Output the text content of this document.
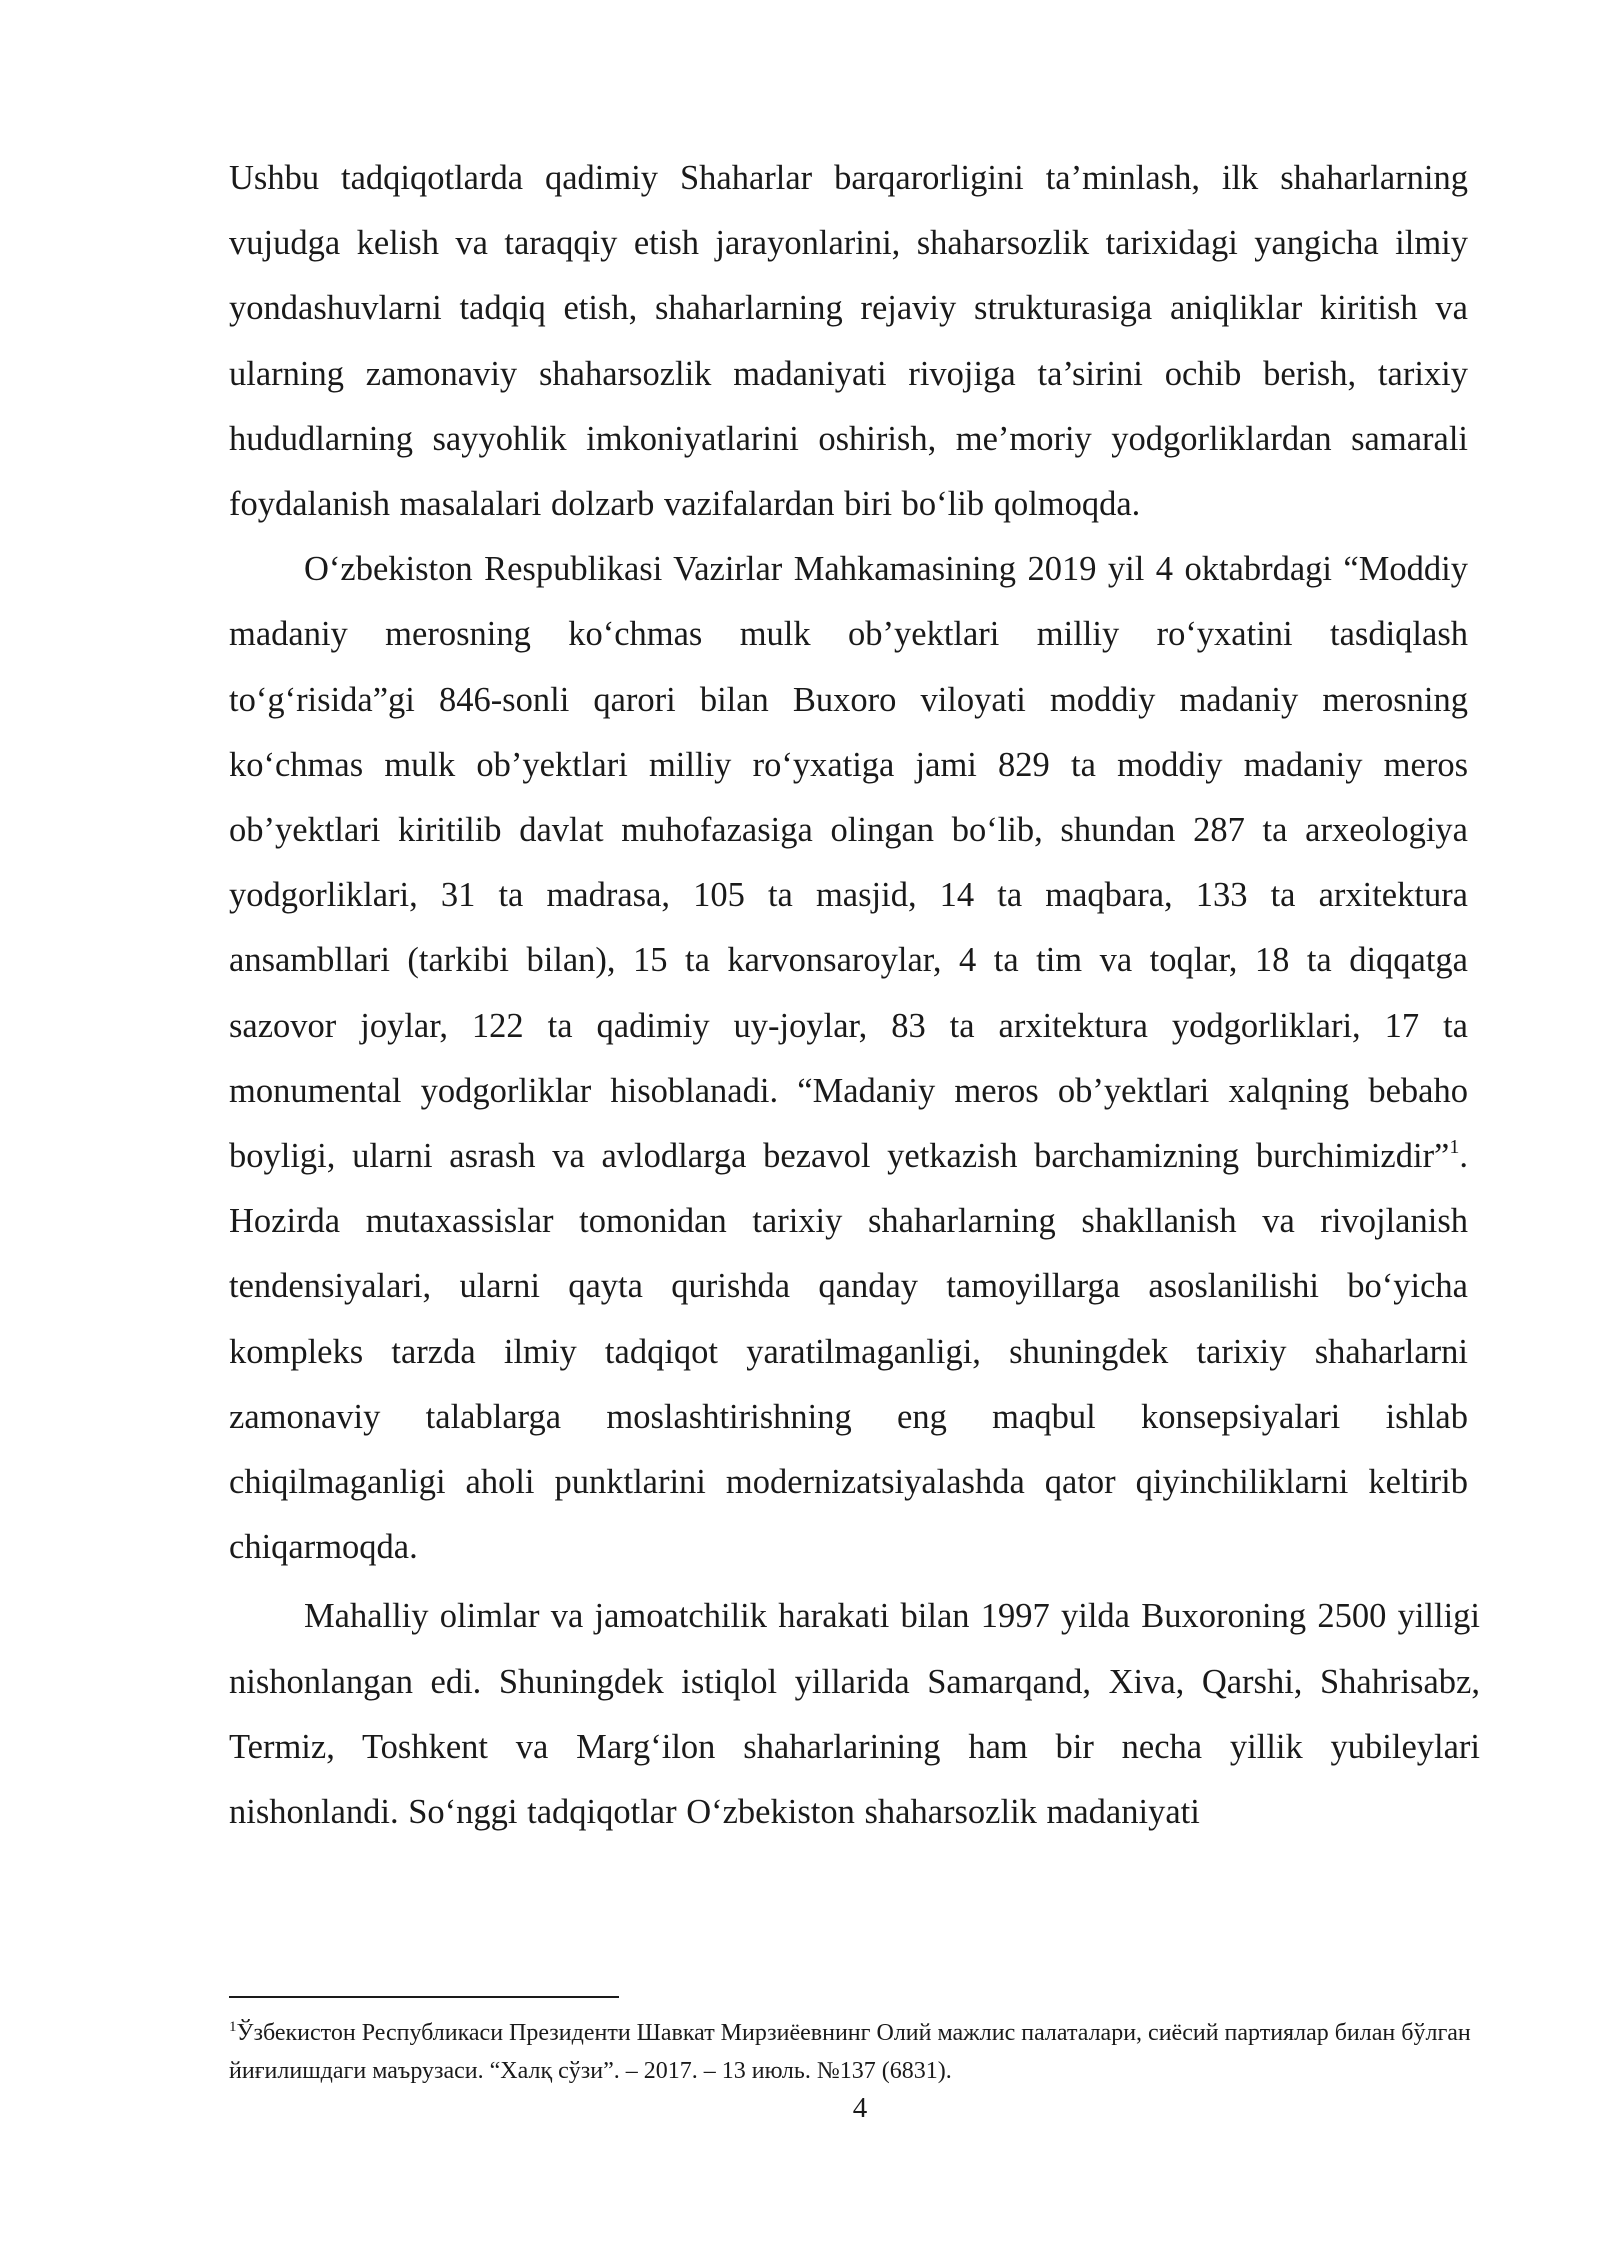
Ushbu tadqiqotlarda qadimiy Shaharlar barqarorligini ta’minlash, ilk shaharlarning vujudga kelish va taraqqiy etish jarayonlarini, shaharsozlik tarixidagi yangicha ilmiy yondashuvlarni tadqiq etish, shaharlarning rejaviy strukturasiga aniqliklar kiritish va ularning zamonaviy shaharsozlik madaniyati rivojiga ta’sirini ochib berish, tarixiy hududlarning sayyohlik imkoniyatlarini oshirish, me’moriy yodgorliklardan samarali foydalanish masalalari dolzarb vazifalardan biri bo‘lib qolmoqda.

O‘zbekiston Respublikasi Vazirlar Mahkamasining 2019 yil 4 oktabrdagi “Moddiy madaniy merosning ko‘chmas mulk ob’yektlari milliy ro‘yxatini tasdiqlash to‘g‘risida”gi 846-sonli qarori bilan Buxoro viloyati moddiy madaniy merosning ko‘chmas mulk ob’yektlari milliy ro‘yxatiga jami 829 ta moddiy madaniy meros ob’yektlari kiritilib davlat muhofazasiga olingan bo‘lib, shundan 287 ta arxeologiya yodgorliklari, 31 ta madrasa, 105 ta masjid, 14 ta maqbara, 133 ta arxitektura ansambllari (tarkibi bilan), 15 ta karvonsaroylar, 4 ta tim va toqlar, 18 ta diqqatga sazovor joylar, 122 ta qadimiy uy-joylar, 83 ta arxitektura yodgorliklari, 17 ta monumental yodgorliklar hisoblanadi. “Madaniy meros ob’yektlari xalqning bebaho boyligi, ularni asrash va avlodlarga bezavol yetkazish barchamizning burchimizdir”$^1$. Hozirda mutaxassislar tomonidan tarixiy shaharlarning shakllanish va rivojlanish tendensiyalari, ularni qayta qurishda qanday tamoyillarga asoslanilishi bo‘yicha kompleks tarzda ilmiy tadqiqot yaratilmaganligi, shuningdek tarixiy shaharlarni zamonaviy talablarga moslashtirishning eng maqbul konsepsiyalari ishlab chiqilmaganligi aholi punktlarini modernizatsiyalashda qator qiyinchiliklarni keltirib chiqarmoqda.

Mahalliy olimlar va jamoatchilik harakati bilan 1997 yilda Buxoroning 2500 yilligi nishonlangan edi. Shuningdek istiqlol yillarida Samarqand, Xiva, Qarshi, Shahrisabz, Termiz, Toshkent va Marg‘ilon shaharlarining ham bir necha yillik yubileylari nishonlandi. So‘nggi tadqiqotlar O‘zbekiston shaharsozlik madaniyati

$^1$Ўзбекистон Республикаси Президенти Шавкат Мирзиёевнинг Олий мажлис палаталари, сиёсий партиялар билан бўлган йиғилишдаги маърузаси. “Халқ сўзи”. – 2017. – 13 июль. №137 (6831).

4
